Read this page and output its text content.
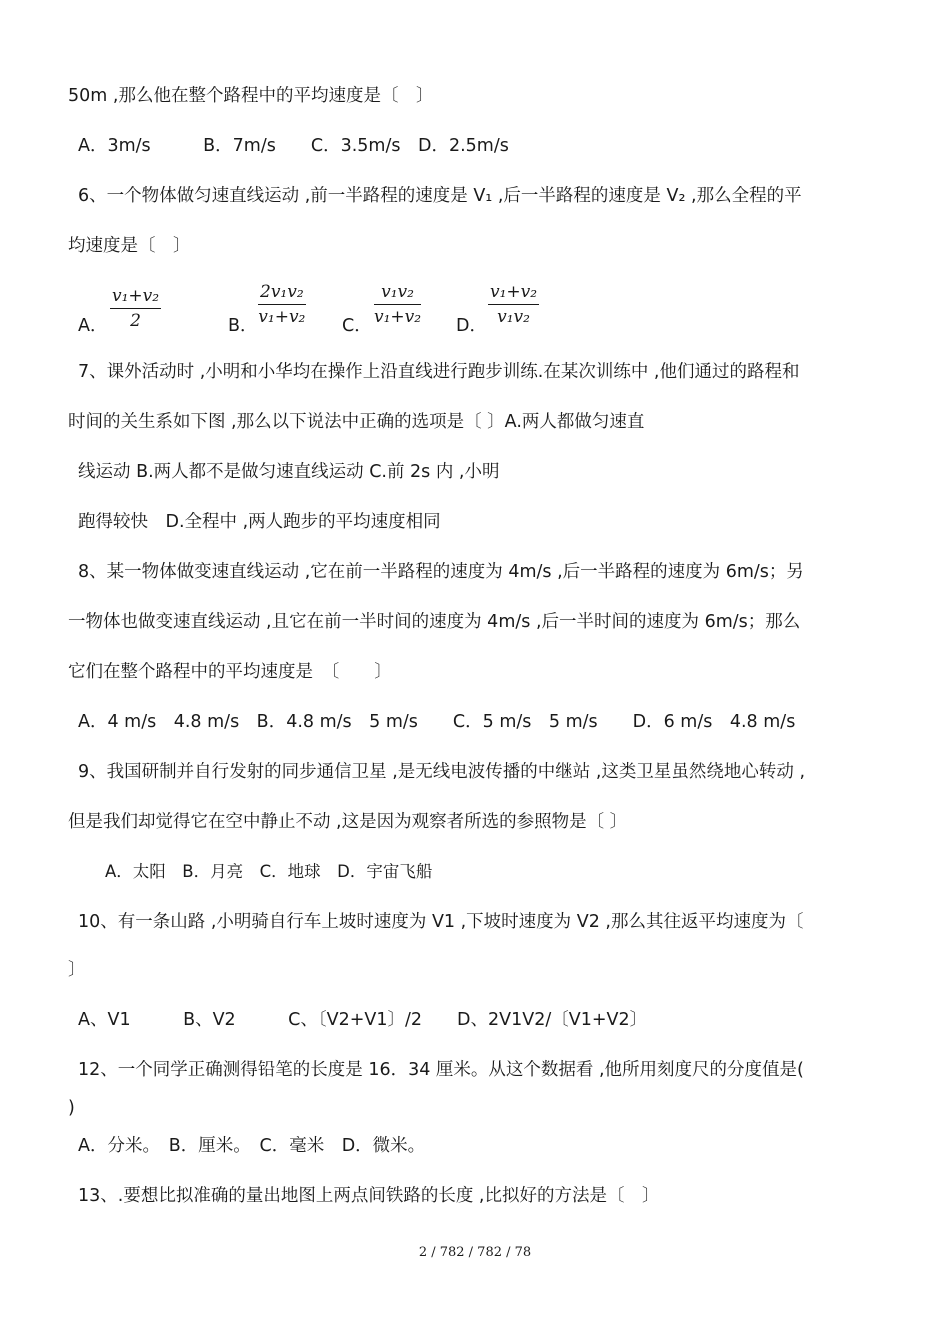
50m ,那么他在整个路程中的平均速度是〔　〕
A．3m/s　　　B．7m/s　　C．3.5m/s　D．2.5m/s
6、一个物体做匀速直线运动 ,前一半路程的速度是 V₁ ,后一半路程的速度是 V₂ ,那么全程的平
均速度是〔　〕
A． $\frac{\text{v₁+v₂}}{2}$	B． $\frac{\text{2v₁v₂}}{\text{v₁+v₂}}$ C． $\frac{\text{v₁v₂}}{\text{v₁+v₂}}$ D． $\frac{\text{v₁+v₂}}{\text{v₁v₂}}$
7、课外活动时 ,小明和小华均在操作上沿直线进行跑步训练.在某次训练中 ,他们通过的路程和
时间的关生系如下图 ,那么以下说法中正确的选项是〔 〕A.两人都做匀速直
线运动 B.两人都不是做匀速直线运动 C.前 2s 内 ,小明
跑得较快　D.全程中 ,两人跑步的平均速度相同
8、某一物体做变速直线运动 ,它在前一半路程的速度为 4m/s ,后一半路程的速度为 6m/s；另
一物体也做变速直线运动 ,且它在前一半时间的速度为 4m/s ,后一半时间的速度为 6m/s；那么
它们在整个路程中的平均速度是　〔　　〕
A．4 m/s　4.8 m/s　B．4.8 m/s　5 m/s　　C．5 m/s　5 m/s　　D．6 m/s　4.8 m/s
9、我国研制并自行发射的同步通信卫星 ,是无线电波传播的中继站 ,这类卫星虽然绕地心转动 ,
但是我们却觉得它在空中静止不动 ,这是因为观察者所选的参照物是〔 〕
A．太阳　B．月亮　C．地球　D．宇宙飞船
10、有一条山路 ,小明骑自行车上坡时速度为 V1 ,下坡时速度为 V2 ,那么其往返平均速度为〔
〕
A、V1　　　B、V2　　　C、〔V2+V1〕/2　　D、2V1V2/〔V1+V2〕
12、一个同学正确测得铅笔的长度是 16．34 厘米。从这个数据看 ,他所用刻度尺的分度值是(
)
A．分米。　B．厘米。　C．毫米　D．微米。
13、.要想比拟准确的量出地图上两点间铁路的长度 ,比拟好的方法是〔　〕
2 / 782 / 782 / 78
